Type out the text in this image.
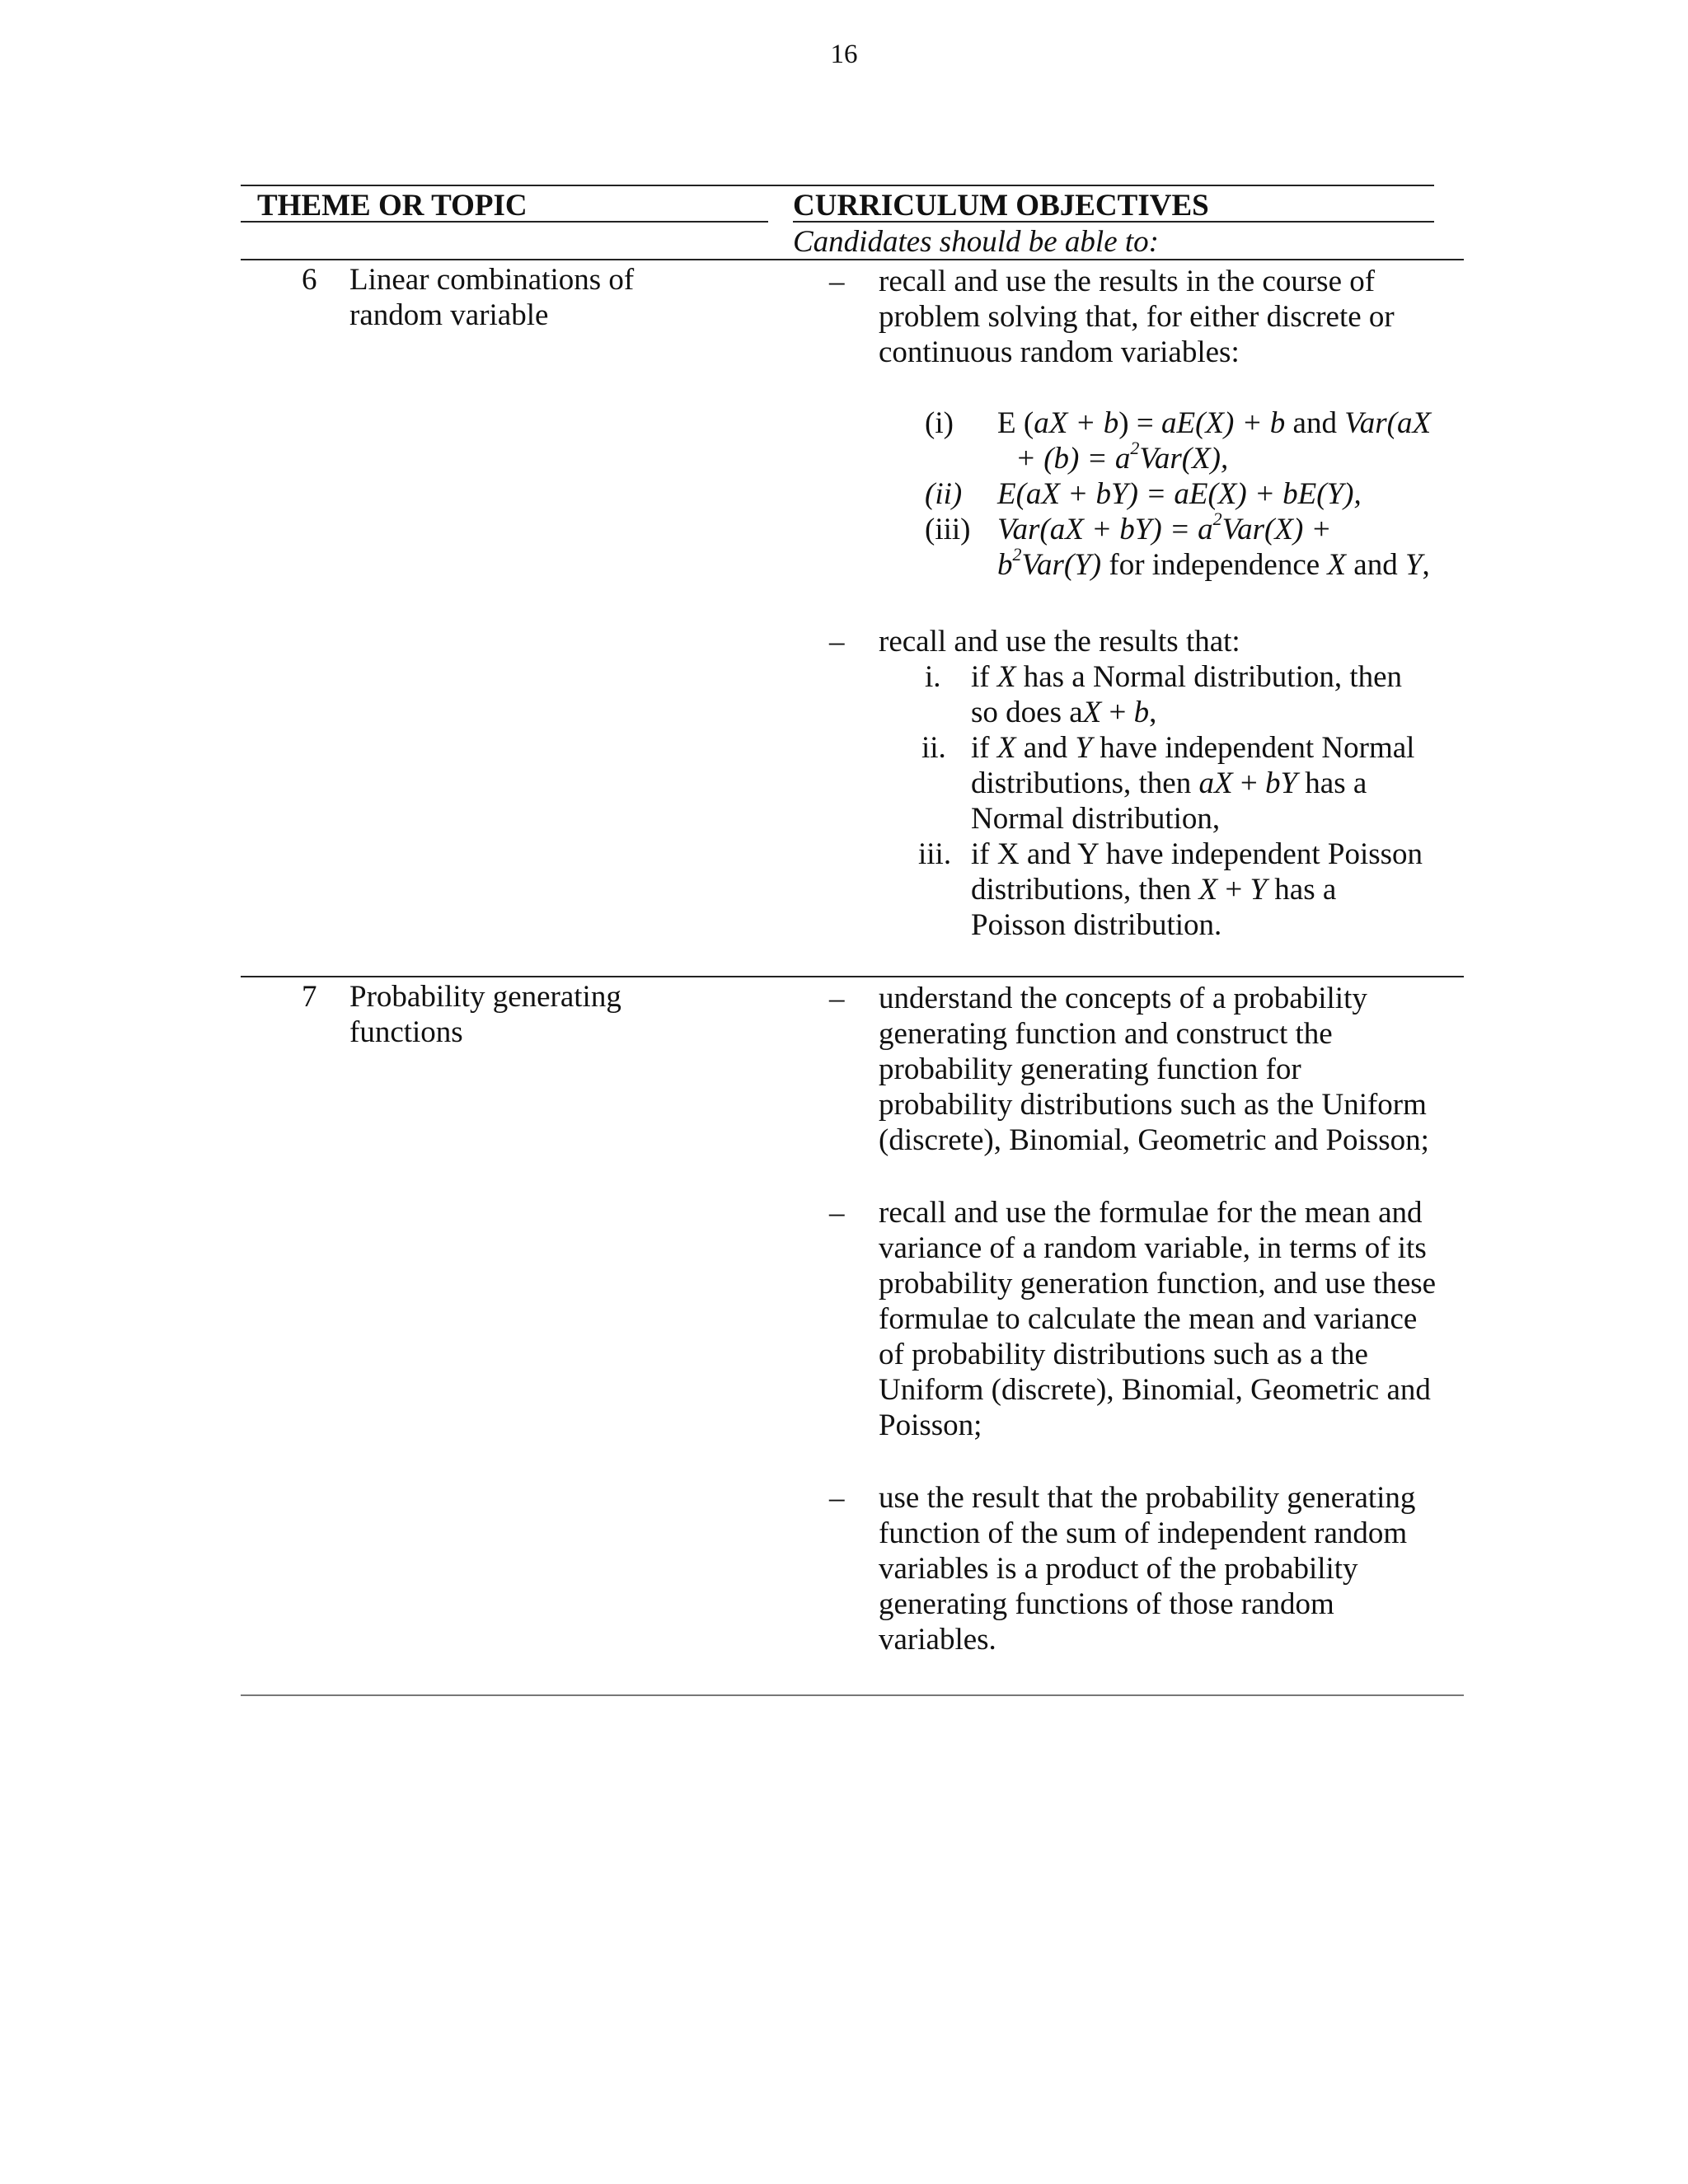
16
THEME OR TOPIC	CURRICULUM OBJECTIVES
Candidates should be able to:
6 Linear combinations of
random variable
– recall and use the results in the course of
problem solving that, for either discrete or
continuous random variables:
(i) E (aX + b) = aE(X) + b and Var(aX
+ $(b) = a^2Var(X)$,
(ii) E(aX + bY) = aE(X) + bE(Y),
(iii) $Var(aX + bY) = a^2Var(X)$ +
$b^2Var(Y)$ for independence X and Y,
– recall and use the results that:
i. if X has a Normal distribution, then
so does aX + b,
ii. if X and Y have independent Normal
distributions, then aX + bY has a
Normal distribution,
iii. if X and Y have independent Poisson
distributions, then X + Y has a
Poisson distribution.
7 Probability generating
functions
– understand the concepts of a probability
generating function and construct the
probability generating function for
probability distributions such as the Uniform
(discrete), Binomial, Geometric and Poisson;
– recall and use the formulae for the mean and
variance of a random variable, in terms of its
probability generation function, and use these
formulae to calculate the mean and variance
of probability distributions such as a the
Uniform (discrete), Binomial, Geometric and
Poisson;
– use the result that the probability generating
function of the sum of independent random
variables is a product of the probability
generating functions of those random
variables.
